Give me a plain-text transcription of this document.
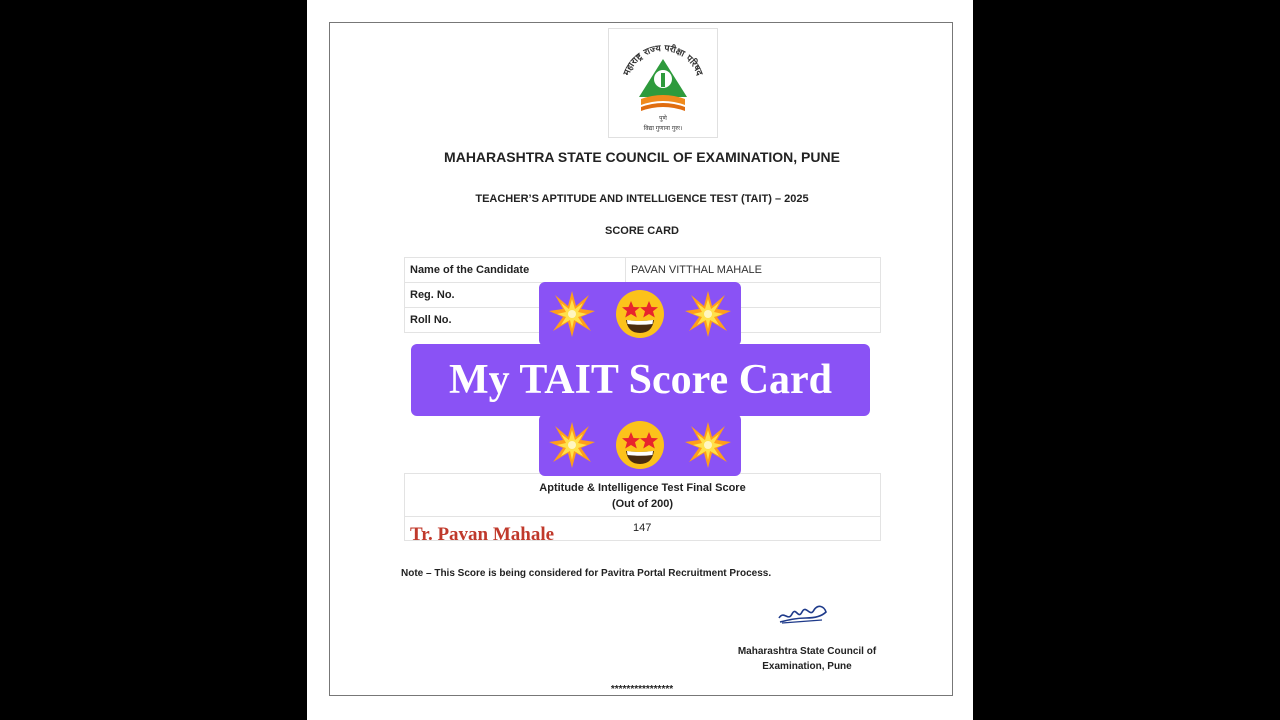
महाराष्ट्र राज्य परीक्षा परिषद
पुणे
विद्या गुणाना गुरुः।
MAHARASHTRA STATE COUNCIL OF EXAMINATION, PUNE
TEACHER’S APTITUDE AND INTELLIGENCE TEST (TAIT) – 2025
SCORE CARD
Name of the Candidate	PAVAN VITTHAL MAHALE
Reg. No.	
Roll No.	
Aptitude & Intelligence Test Final Score
(Out of 200)
147
Tr. Pavan Mahale
Note – This Score is being considered for Pavitra Portal Recruitment Process.
Maharashtra State Council of
Examination, Pune
****************
My TAIT Score Card
